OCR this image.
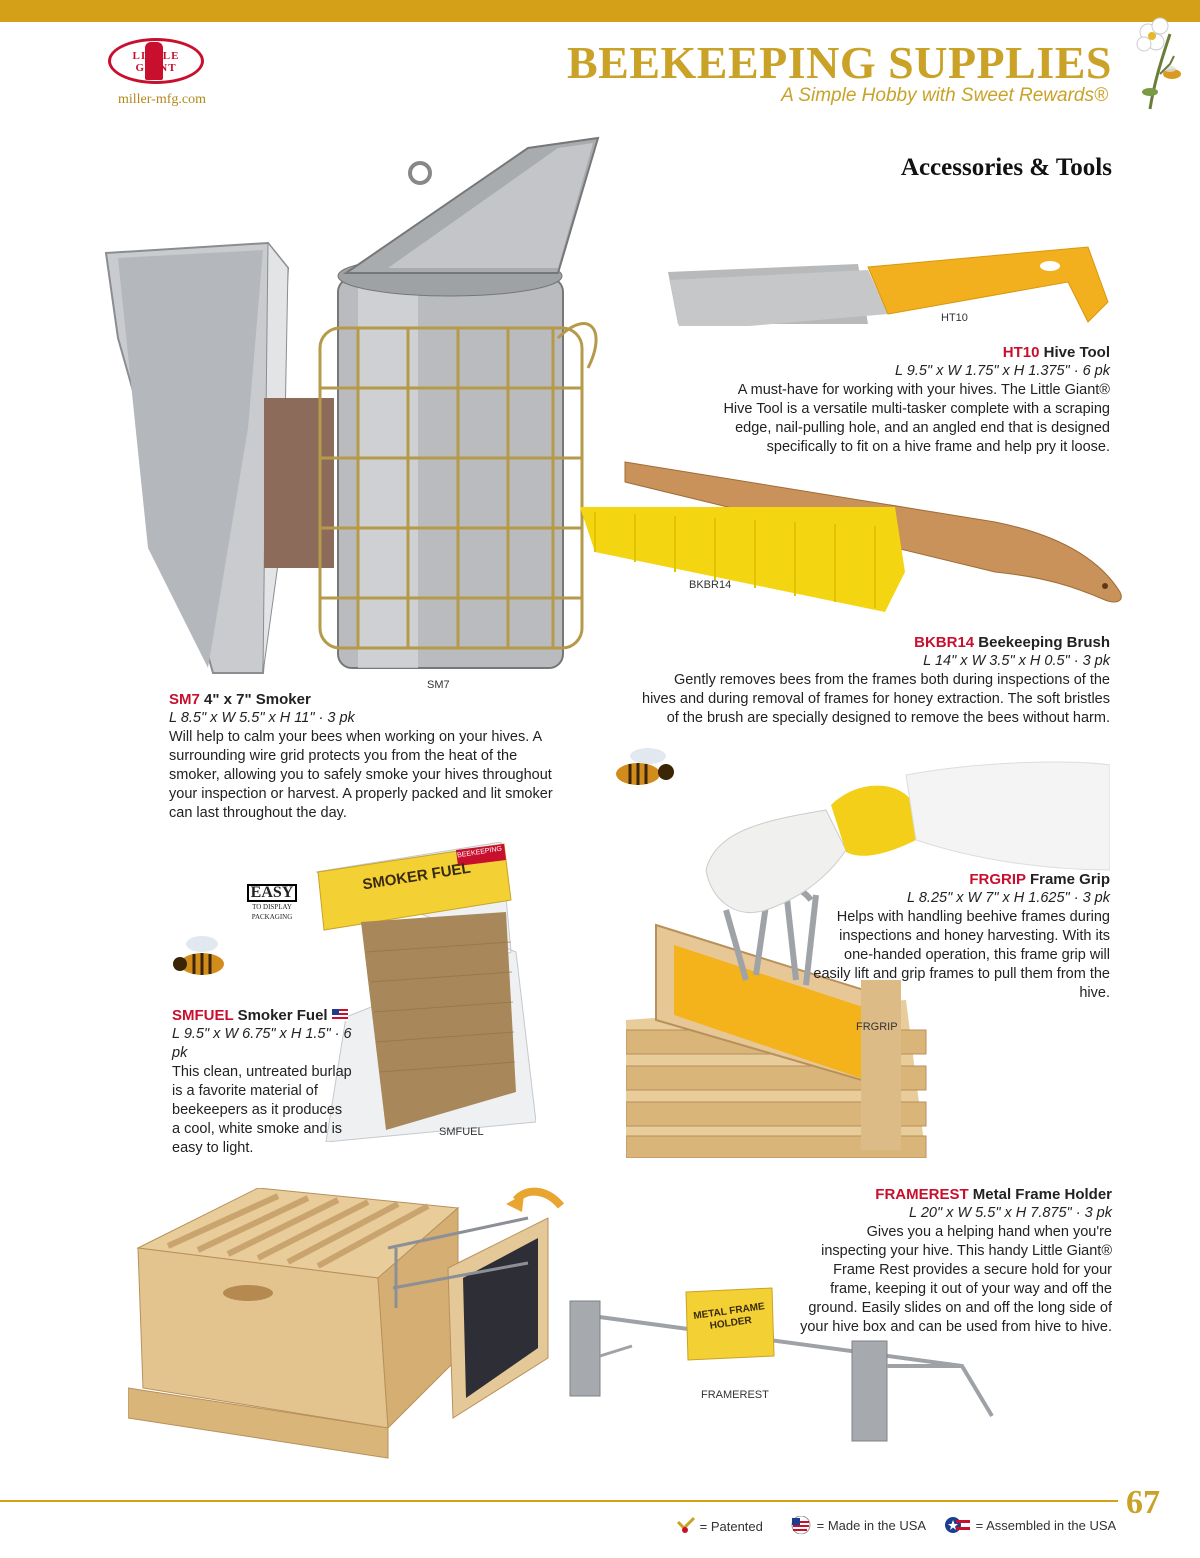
LITTLE GIANT
miller-mfg.com
BEEKEEPING SUPPLIES
A Simple Hobby with Sweet Rewards®
Accessories & Tools
SM7
SM7 4" x 7" Smoker
L 8.5" x W 5.5" x H 11" · 3 pk
Will help to calm your bees when working on your hives. A surrounding wire grid protects you from the heat of the smoker, allowing you to safely smoke your hives throughout your inspection or harvest. A properly packed and lit smoker can last throughout the day.
HT10
HT10 Hive Tool
L 9.5" x W 1.75" x H 1.375" · 6 pk
A must-have for working with your hives. The Little Giant® Hive Tool is a versatile multi-tasker complete with a scraping edge, nail-pulling hole, and an angled end that is designed specifically to fit on a hive frame and help pry it loose.
BKBR14
BKBR14 Beekeeping Brush
L 14" x W 3.5" x H 0.5" · 3 pk
Gently removes bees from the frames both during inspections of the hives and during removal of frames for honey extraction. The soft bristles of the brush are specially designed to remove the bees without harm.
FRGRIP
FRGRIP Frame Grip
L 8.25" x W 7" x H 1.625" · 3 pk
Helps with handling beehive frames during inspections and honey harvesting. With its one-handed operation, this frame grip will easily lift and grip frames to pull them from the hive.
EASY
TO DISPLAY PACKAGING
SMOKER FUEL
BEEKEEPING
SMFUEL
SMFUEL Smoker Fuel
L 9.5" x W 6.75" x H 1.5" · 6 pk
This clean, untreated burlap is a favorite material of beekeepers as it produces a cool, white smoke and is easy to light.
METAL FRAME HOLDER
FRAMEREST
FRAMEREST Metal Frame Holder
L 20" x W 5.5" x H 7.875" · 3 pk
Gives you a helping hand when you're inspecting your hive. This handy Little Giant® Frame Rest provides a secure hold for your frame, keeping it out of your way and off the ground. Easily slides on and off the long side of your hive box and can be used from hive to hive.
67
= Patented	= Made in the USA	= Assembled in the USA
